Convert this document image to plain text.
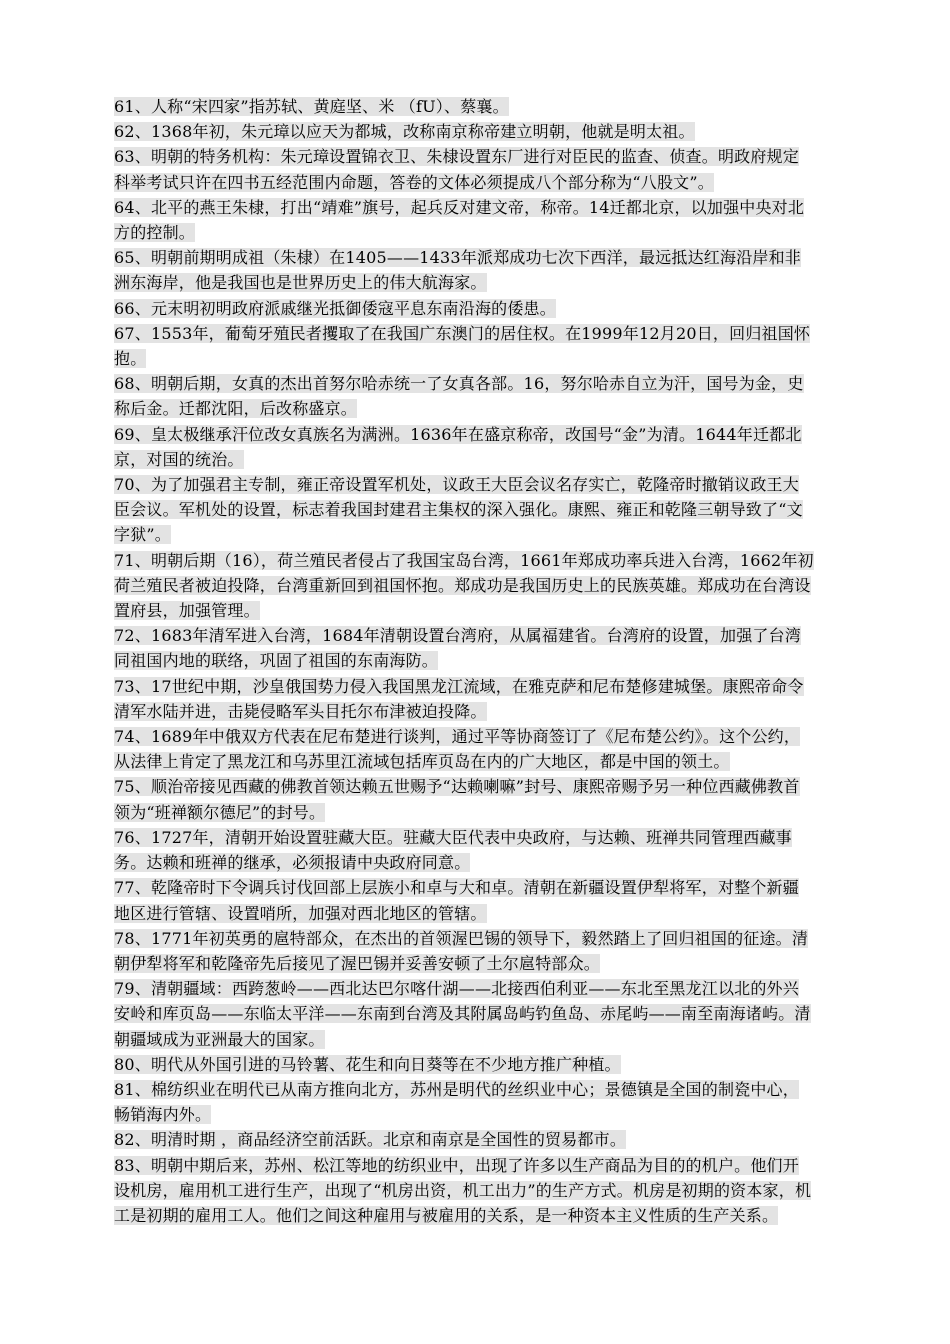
61、人称“宋四家”指苏轼、黄庭坚、米 （fU）、蔡襄。

62、1368年初，朱元璋以应天为都城，改称南京称帝建立明朝，他就是明太祖。

63、明朝的特务机构：朱元璋设置锦衣卫、朱棣设置东厂进行对臣民的监查、侦查。明政府规定科举考试只许在四书五经范围内命题，答卷的文体必须提成八个部分称为“八股文”。

64、北平的燕王朱棣，打出“靖难”旗号，起兵反对建文帝，称帝。14迁都北京，以加强中央对北方的控制。

65、明朝前期明成祖（朱棣）在1405——1433年派郑成功七次下西洋，最远抵达红海沿岸和非洲东海岸，他是我国也是世界历史上的伟大航海家。

66、元末明初明政府派戚继光抵御倭寇平息东南沿海的倭患。

67、1553年，葡萄牙殖民者攫取了在我国广东澳门的居住权。在1999年12月20日，回归祖国怀抱。

68、明朝后期，女真的杰出首努尔哈赤统一了女真各部。16，努尔哈赤自立为汗，国号为金，史称后金。迁都沈阳，后改称盛京。

69、皇太极继承汗位改女真族名为满洲。1636年在盛京称帝，改国号“金”为清。1644年迁都北京，对国的统治。

70、为了加强君主专制，雍正帝设置军机处，议政王大臣会议名存实亡，乾隆帝时撤销议政王大臣会议。军机处的设置，标志着我国封建君主集权的深入强化。康熙、雍正和乾隆三朝导致了“文字狱”。

71、明朝后期（16），荷兰殖民者侵占了我国宝岛台湾，1661年郑成功率兵进入台湾，1662年初荷兰殖民者被迫投降，台湾重新回到祖国怀抱。郑成功是我国历史上的民族英雄。郑成功在台湾设置府县，加强管理。

72、1683年清军进入台湾，1684年清朝设置台湾府，从属福建省。台湾府的设置，加强了台湾同祖国内地的联络，巩固了祖国的东南海防。

73、17世纪中期，沙皇俄国势力侵入我国黑龙江流域，在雅克萨和尼布楚修建城堡。康熙帝命令清军水陆并进，击毙侵略军头目托尔布津被迫投降。

74、1689年中俄双方代表在尼布楚进行谈判，通过平等协商签订了《尼布楚公约》。这个公约，从法律上肯定了黑龙江和乌苏里江流域包括库页岛在内的广大地区，都是中国的领土。

75、顺治帝接见西藏的佛教首领达赖五世赐予“达赖喇嘛”封号、康熙帝赐予另一种位西藏佛教首领为“班禅额尔德尼”的封号。

76、1727年，清朝开始设置驻藏大臣。驻藏大臣代表中央政府，与达赖、班禅共同管理西藏事务。达赖和班禅的继承，必须报请中央政府同意。

77、乾隆帝时下令调兵讨伐回部上层族小和卓与大和卓。清朝在新疆设置伊犁将军，对整个新疆地区进行管辖、设置哨所，加强对西北地区的管辖。

78、1771年初英勇的扈特部众，在杰出的首领渥巴锡的领导下，毅然踏上了回归祖国的征途。清朝伊犁将军和乾隆帝先后接见了渥巴锡并妥善安顿了土尔扈特部众。

79、清朝疆域：西跨葱岭——西北达巴尔喀什湖——北接西伯利亚——东北至黑龙江以北的外兴安岭和库页岛——东临太平洋——东南到台湾及其附属岛屿钓鱼岛、赤尾屿——南至南海诸屿。清朝疆域成为亚洲最大的国家。

80、明代从外国引进的马铃薯、花生和向日葵等在不少地方推广种植。

81、棉纺织业在明代已从南方推向北方，苏州是明代的丝织业中心；景德镇是全国的制瓷中心，畅销海内外。

82、明清时期 ，商品经济空前活跃。北京和南京是全国性的贸易都市。

83、明朝中期后来，苏州、松江等地的纺织业中，出现了许多以生产商品为目的的机户。他们开设机房，雇用机工进行生产，出现了“机房出资，机工出力”的生产方式。机房是初期的资本家，机工是初期的雇用工人。他们之间这种雇用与被雇用的关系，是一种资本主义性质的生产关系。
